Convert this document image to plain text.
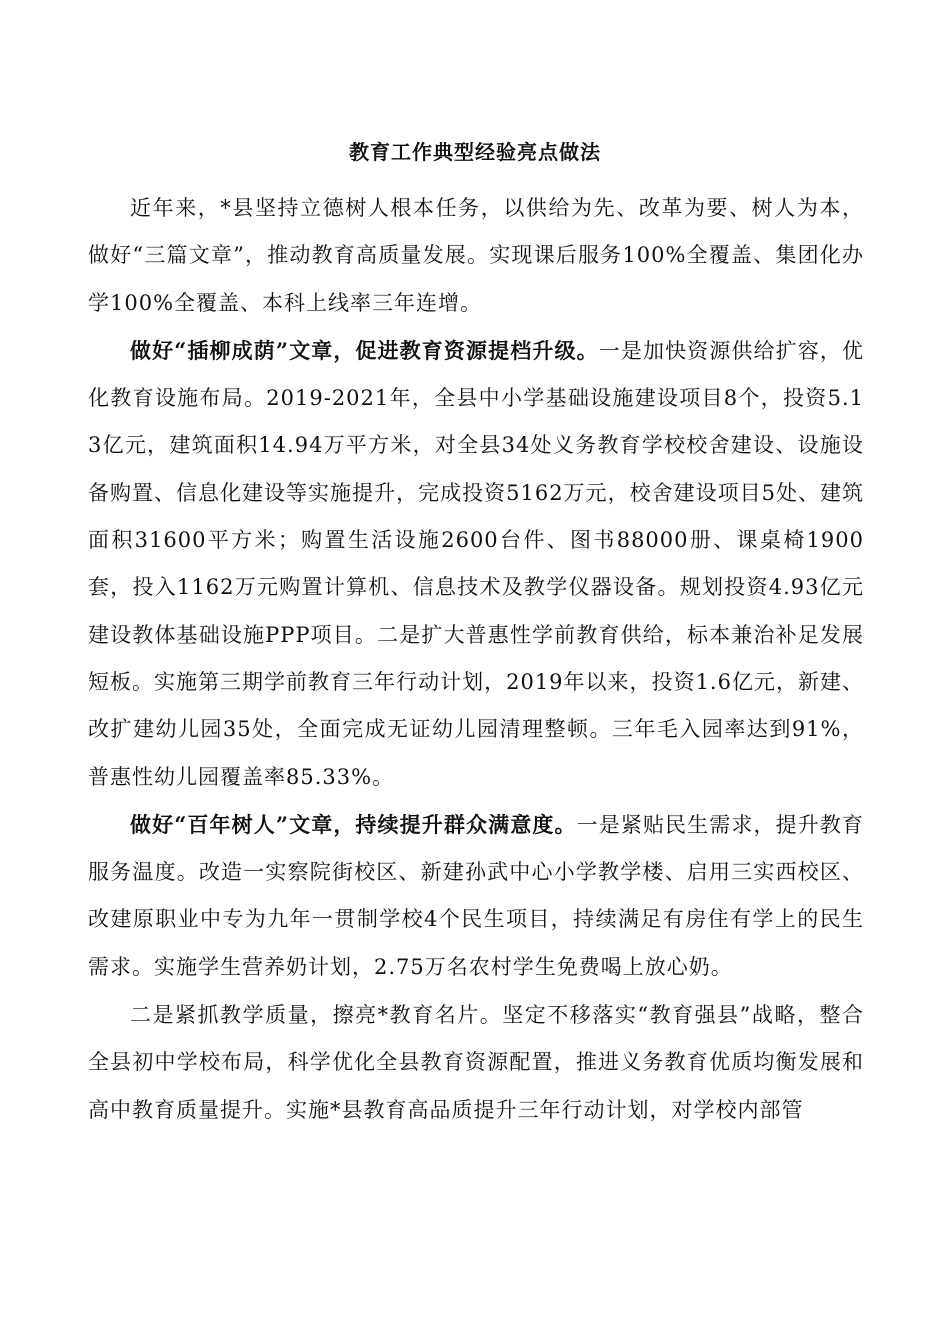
教育工作典型经验亮点做法

近年来，*县坚持立德树人根本任务，以供给为先、改革为要、树人为本，做好“三篇文章”，推动教育高质量发展。实现课后服务100%全覆盖、集团化办学100%全覆盖、本科上线率三年连增。

做好“插柳成荫”文章，促进教育资源提档升级。一是加快资源供给扩容，优化教育设施布局。2019-2021年，全县中小学基础设施建设项目8个，投资5.13亿元，建筑面积14.94万平方米，对全县34处义务教育学校校舍建设、设施设备购置、信息化建设等实施提升，完成投资5162万元，校舍建设项目5处、建筑面积31600平方米；购置生活设施2600台件、图书88000册、课桌椅1900套，投入1162万元购置计算机、信息技术及教学仪器设备。规划投资4.93亿元建设教体基础设施PPP项目。二是扩大普惠性学前教育供给，标本兼治补足发展短板。实施第三期学前教育三年行动计划，2019年以来，投资1.6亿元，新建、改扩建幼儿园35处，全面完成无证幼儿园清理整顿。三年毛入园率达到91%，普惠性幼儿园覆盖率85.33%。

做好“百年树人”文章，持续提升群众满意度。一是紧贴民生需求，提升教育服务温度。改造一实察院街校区、新建孙武中心小学教学楼、启用三实西校区、改建原职业中专为九年一贯制学校4个民生项目，持续满足有房住有学上的民生需求。实施学生营养奶计划，2.75万名农村学生免费喝上放心奶。

二是紧抓教学质量，擦亮*教育名片。坚定不移落实“教育强县”战略，整合全县初中学校布局，科学优化全县教育资源配置，推进义务教育优质均衡发展和高中教育质量提升。实施*县教育高品质提升三年行动计划，对学校内部管
